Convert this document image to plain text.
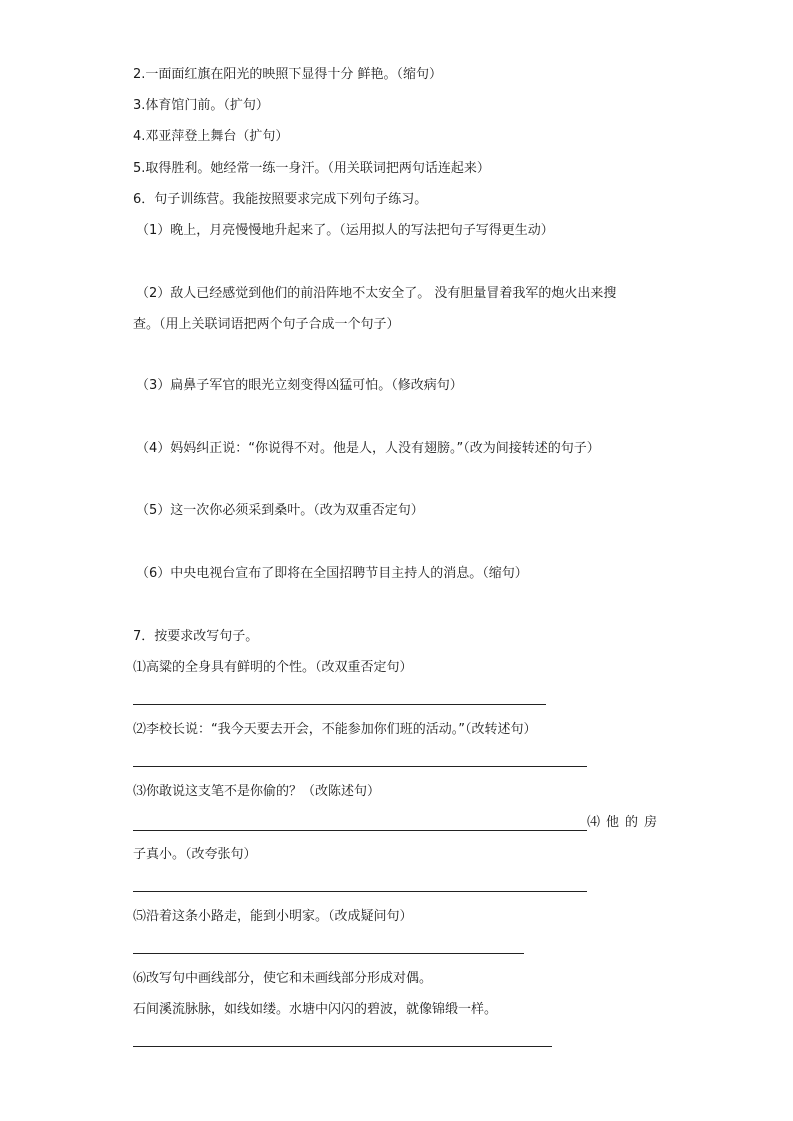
2.一面面红旗在阳光的映照下显得十分 鲜艳。（缩句）
3.体育馆门前。（扩句）
4.邓亚萍登上舞台（扩句）
5.取得胜利。她经常一练一身汗。（用关联词把两句话连起来）
6．句子训练营。我能按照要求完成下列句子练习。
（1）晚上，月亮慢慢地升起来了。（运用拟人的写法把句子写得更生动）
（2）敌人已经感觉到他们的前沿阵地不太安全了。 没有胆量冒着我军的炮火出来搜
查。（用上关联词语把两个句子合成一个句子）
（3）扁鼻子军官的眼光立刻变得凶猛可怕。（修改病句）
（4）妈妈纠正说：“你说得不对。他是人，人没有翅膀。”（改为间接转述的句子）
（5）这一次你必须采到桑叶。（改为双重否定句）
（6）中央电视台宣布了即将在全国招聘节目主持人的消息。（缩句）
7．按要求改写句子。
⑴高粱的全身具有鲜明的个性。（改双重否定句）
⑵李校长说：“我今天要去开会，不能参加你们班的活动。”（改转述句）
⑶你敢说这支笔不是你偷的？（改陈述句）
⑷他的房
子真小。（改夸张句）
⑸沿着这条小路走，能到小明家。（改成疑问句）
⑹改写句中画线部分，使它和未画线部分形成对偶。
石间溪流脉脉，如线如缕。水塘中闪闪的碧波，就像锦缎一样。
